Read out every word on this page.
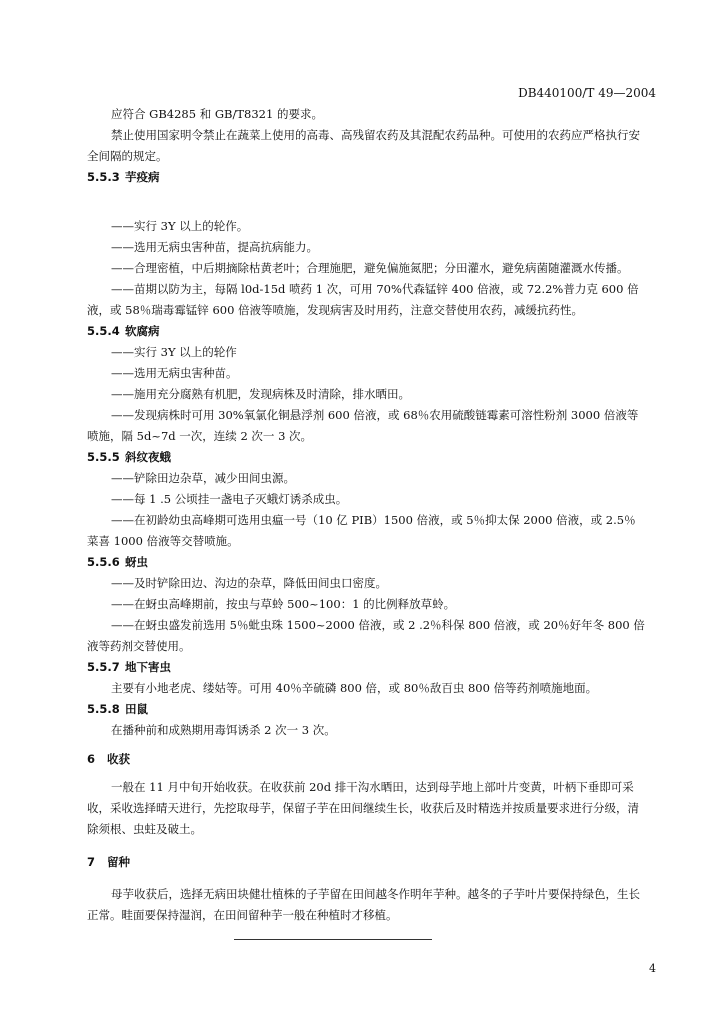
DB440100/T 49—2004

应符合 GB4285 和 GB/T8321 的要求。

禁止使用国家明令禁止在蔬菜上使用的高毒、高残留农药及其混配农药品种。可使用的农药应严格执行安全间隔的规定。

5.5.3 芋疫病

——实行 3Y 以上的轮作。

——选用无病虫害种苗，提高抗病能力。

——合理密植，中后期摘除枯黄老叶；合理施肥，避免偏施氮肥；分田灌水，避免病菌随灌溉水传播。

——苗期以防为主，每隔 l0d-15d 喷药 1 次，可用 70%代森锰锌 400 倍液，或 72.2%普力克 600 倍液，或 58％瑞毒霉锰锌 600 倍液等喷施，发现病害及时用药，注意交替使用农药，减缓抗药性。

5.5.4 软腐病

——实行 3Y 以上的轮作

——选用无病虫害种苗。

——施用充分腐熟有机肥，发现病株及时清除，排水晒田。

——发现病株时可用 30%氧氯化铜悬浮剂 600 倍液，或 68％农用硫酸链霉素可溶性粉剂 3000 倍液等喷施，隔 5d~7d 一次，连续 2 次一 3 次。

5.5.5 斜纹夜蛾

——铲除田边杂草，减少田间虫源。

——每 1 .5 公顷挂一盏电子灭蛾灯诱杀成虫。

——在初龄幼虫高峰期可选用虫瘟一号（10 亿 PIB）1500 倍液，或 5％抑太保 2000 倍液，或 2.5％菜喜 1000 倍液等交替喷施。

5.5.6 蚜虫

——及时铲除田边、沟边的杂草，降低田间虫口密度。

——在蚜虫高峰期前，按虫与草蛉 500~100：1 的比例释放草蛉。

——在蚜虫盛发前选用 5％蚍虫珠 1500~2000 倍液，或 2 .2％科保 800 倍液，或 20％好年冬 800 倍液等药剂交替使用。

5.5.7 地下害虫

主要有小地老虎、缕姑等。可用 40％辛硫磷 800 倍，或 80％敌百虫 800 倍等药剂喷施地面。

5.5.8 田鼠

在播种前和成熟期用毒饵诱杀 2 次一 3 次。

6 收获

一般在 11 月中旬开始收获。在收获前 20d 排干沟水晒田，达到母芋地上部叶片变黄，叶柄下垂即可采收，采收选择晴天进行，先挖取母芋，保留子芋在田间继续生长，收获后及时精选并按质量要求进行分级，清除须根、虫蛀及破土。

7 留种

母芋收获后，选择无病田块健壮植株的子芋留在田间越冬作明年芋种。越冬的子芋叶片要保持绿色，生长正常。畦面要保持湿润，在田间留种芋一般在种植时才移植。

4
